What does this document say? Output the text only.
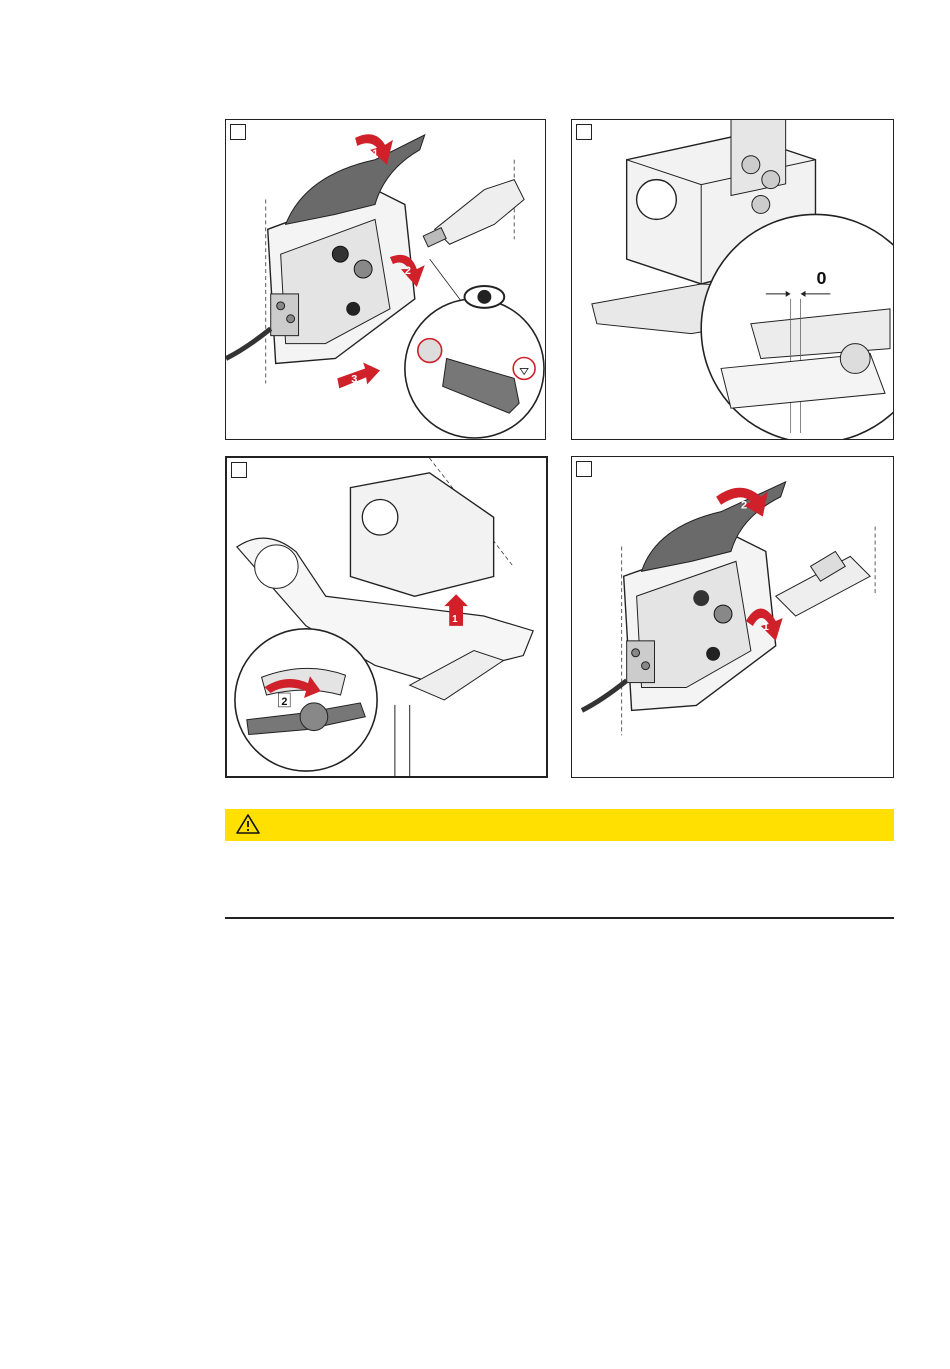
1
2
3
0
1
2
2
1
